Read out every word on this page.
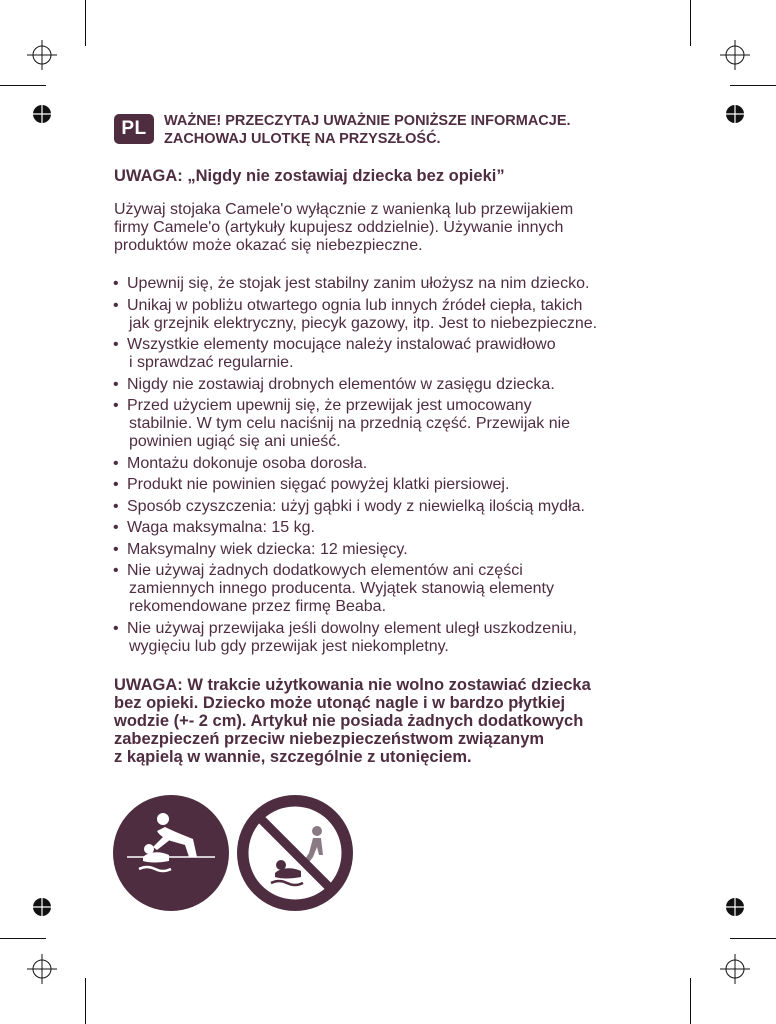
PL	WAŻNE! PRZECZYTAJ UWAŻNIE PONIŻSZE INFORMACJE.
ZACHOWAJ ULOTKĘ NA PRZYSZŁOŚĆ.
UWAGA: „Nigdy nie zostawiaj dziecka bez opieki”
Używaj stojaka Camele'o wyłącznie z wanienką lub przewijakiem
firmy Camele'o (artykuły kupujesz oddzielnie). Używanie innych
produktów może okazać się niebezpieczne.
• Upewnij się, że stojak jest stabilny zanim ułożysz na nim dziecko.
• Unikaj w pobliżu otwartego ognia lub innych źródeł ciepła, takich
jak grzejnik elektryczny, piecyk gazowy, itp. Jest to niebezpieczne.
• Wszystkie elementy mocujące należy instalować prawidłowo
i sprawdzać regularnie.
• Nigdy nie zostawiaj drobnych elementów w zasięgu dziecka.
• Przed użyciem upewnij się, że przewijak jest umocowany
stabilnie. W tym celu naciśnij na przednią część. Przewijak nie
powinien ugiąć się ani unieść.
• Montażu dokonuje osoba dorosła.
• Produkt nie powinien sięgać powyżej klatki piersiowej.
• Sposób czyszczenia: użyj gąbki i wody z niewielką ilością mydła.
• Waga maksymalna: 15 kg.
• Maksymalny wiek dziecka: 12 miesięcy.
• Nie używaj żadnych dodatkowych elementów ani części
zamiennych innego producenta. Wyjątek stanowią elementy
rekomendowane przez firmę Beaba.
• Nie używaj przewijaka jeśli dowolny element uległ uszkodzeniu,
wygięciu lub gdy przewijak jest niekompletny.
UWAGA: W trakcie użytkowania nie wolno zostawiać dziecka
bez opieki. Dziecko może utonąć nagle i w bardzo płytkiej
wodzie (+- 2 cm). Artykuł nie posiada żadnych dodatkowych
zabezpieczeń przeciw niebezpieczeństwom związanym
z kąpielą w wannie, szczególnie z utonięciem.
